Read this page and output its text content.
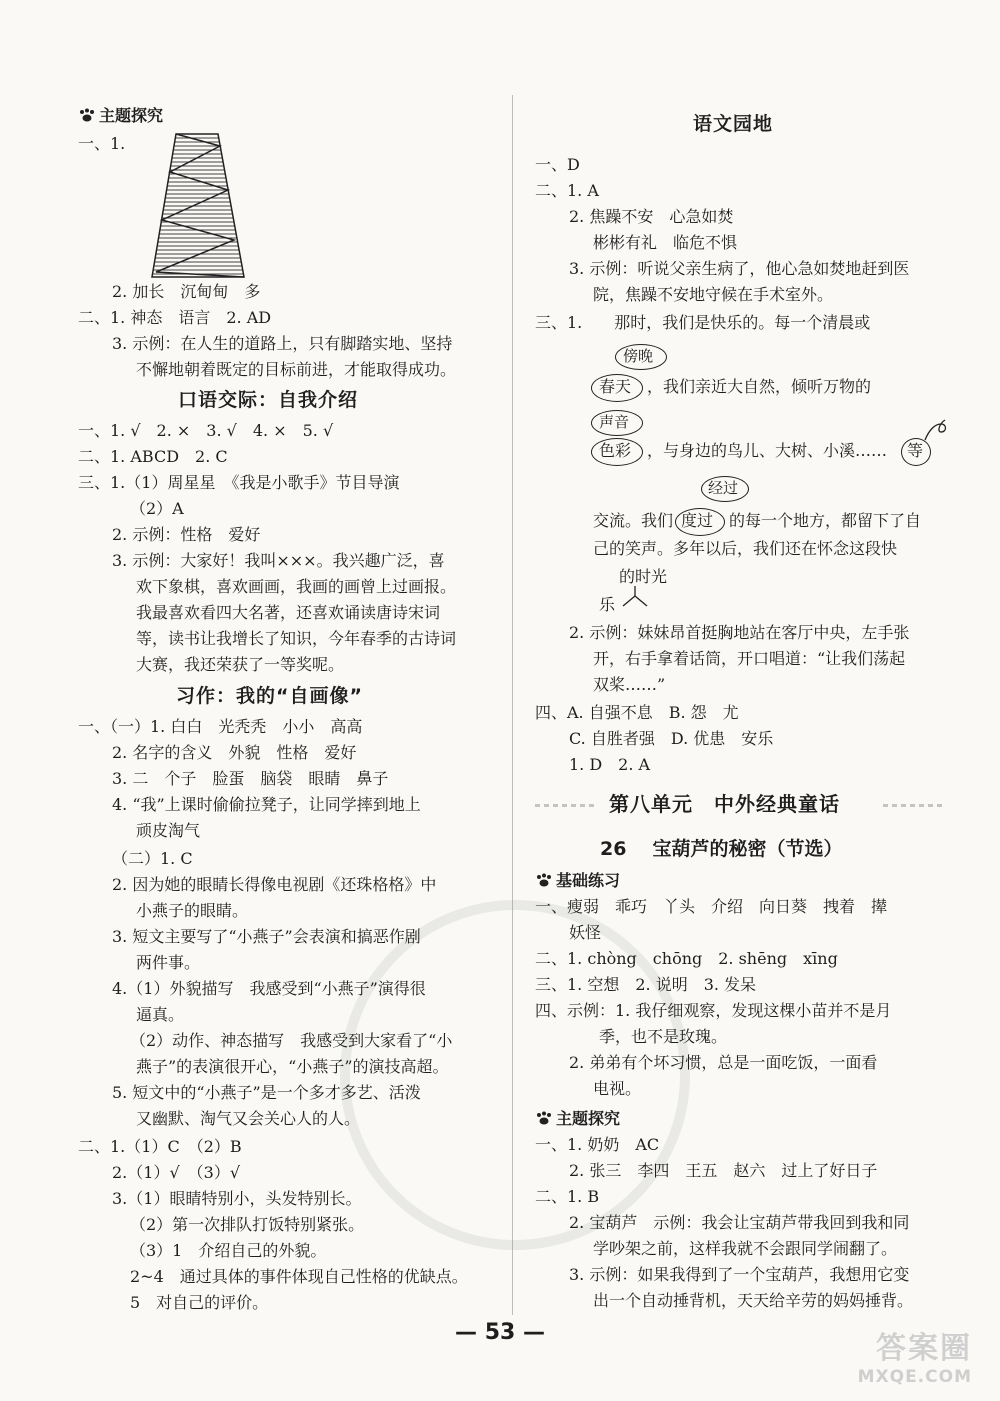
主题探究
一、1.
2. 加长　沉甸甸　多
二、1. 神态　语言　2. AD
3. 示例：在人生的道路上，只有脚踏实地、坚持
不懈地朝着既定的目标前进，才能取得成功。
口语交际：自我介绍
一、1. √　2. ×　3. √　4. ×　5. √
二、1. ABCD　2. C
三、1.（1）周星星　《我是小歌手》节目导演
（2）A
2. 示例：性格　爱好
3. 示例：大家好！我叫×××。我兴趣广泛，喜
欢下象棋，喜欢画画，我画的画曾上过画报。
我最喜欢看四大名著，还喜欢诵读唐诗宋词
等，读书让我增长了知识，今年春季的古诗词
大赛，我还荣获了一等奖呢。
习作：我的“自画像”
一、（一）1. 白白　光秃秃　小小　高高
2. 名字的含义　外貌　性格　爱好
3. 二　个子　脸蛋　脑袋　眼睛　鼻子
4. “我”上课时偷偷拉凳子，让同学摔到地上
顽皮淘气
（二）1. C
2. 因为她的眼睛长得像电视剧《还珠格格》中
小燕子的眼睛。
3. 短文主要写了“小燕子”会表演和搞恶作剧
两件事。
4.（1）外貌描写　我感受到“小燕子”演得很
逼真。
（2）动作、神态描写　我感受到大家看了“小
燕子”的表演很开心，“小燕子”的演技高超。
5. 短文中的“小燕子”是一个多才多艺、活泼
又幽默、淘气又会关心人的人。
二、1.（1）C　（2）B
2.（1）√　（3）√
3.（1）眼睛特别小，头发特别长。
（2）第一次排队打饭特别紧张。
（3）1　介绍自己的外貌。
2~4　通过具体的事件体现自己性格的优缺点。
5　对自己的评价。
语文园地
一、D
二、1. A
2. 焦躁不安　心急如焚
彬彬有礼　临危不惧
3. 示例：听说父亲生病了，他心急如焚地赶到医
院，焦躁不安地守候在手术室外。
三、1.　　那时，我们是快乐的。每一个清晨或
傍晚
春天 ，我们亲近大自然，倾听万物的
声音
色彩 ，与身边的鸟儿、大树、小溪…… 等
经过
交流。我们 度过 的每一个地方，都留下了自
己的笑声。多年以后，我们还在怀念这段快
的时光
乐
2. 示例：妹妹昂首挺胸地站在客厅中央，左手张
开，右手拿着话筒，开口唱道：“让我们荡起
双桨……”
四、A. 自强不息　B. 怨　尤
C. 自胜者强　D. 优患　安乐
1. D　2. A
第八单元　中外经典童话
26 宝葫芦的秘密（节选）
基础练习
一、瘦弱　乖巧　丫头　介绍　向日葵　拽着　撵
妖怪
二、1. chòng　chōng　2. shēng　xīng
三、1. 空想　2. 说明　3. 发呆
四、示例：1. 我仔细观察，发现这棵小苗并不是月
季，也不是玫瑰。
2. 弟弟有个坏习惯，总是一面吃饭，一面看
电视。
主题探究
一、1. 奶奶　AC
2. 张三　李四　王五　赵六　过上了好日子
二、1. B
2. 宝葫芦　示例：我会让宝葫芦带我回到我和同
学吵架之前，这样我就不会跟同学闹翻了。
3. 示例：如果我得到了一个宝葫芦，我想用它变
出一个自动捶背机，天天给辛劳的妈妈捶背。
— 53 —	答案圈
MXQE.COM
